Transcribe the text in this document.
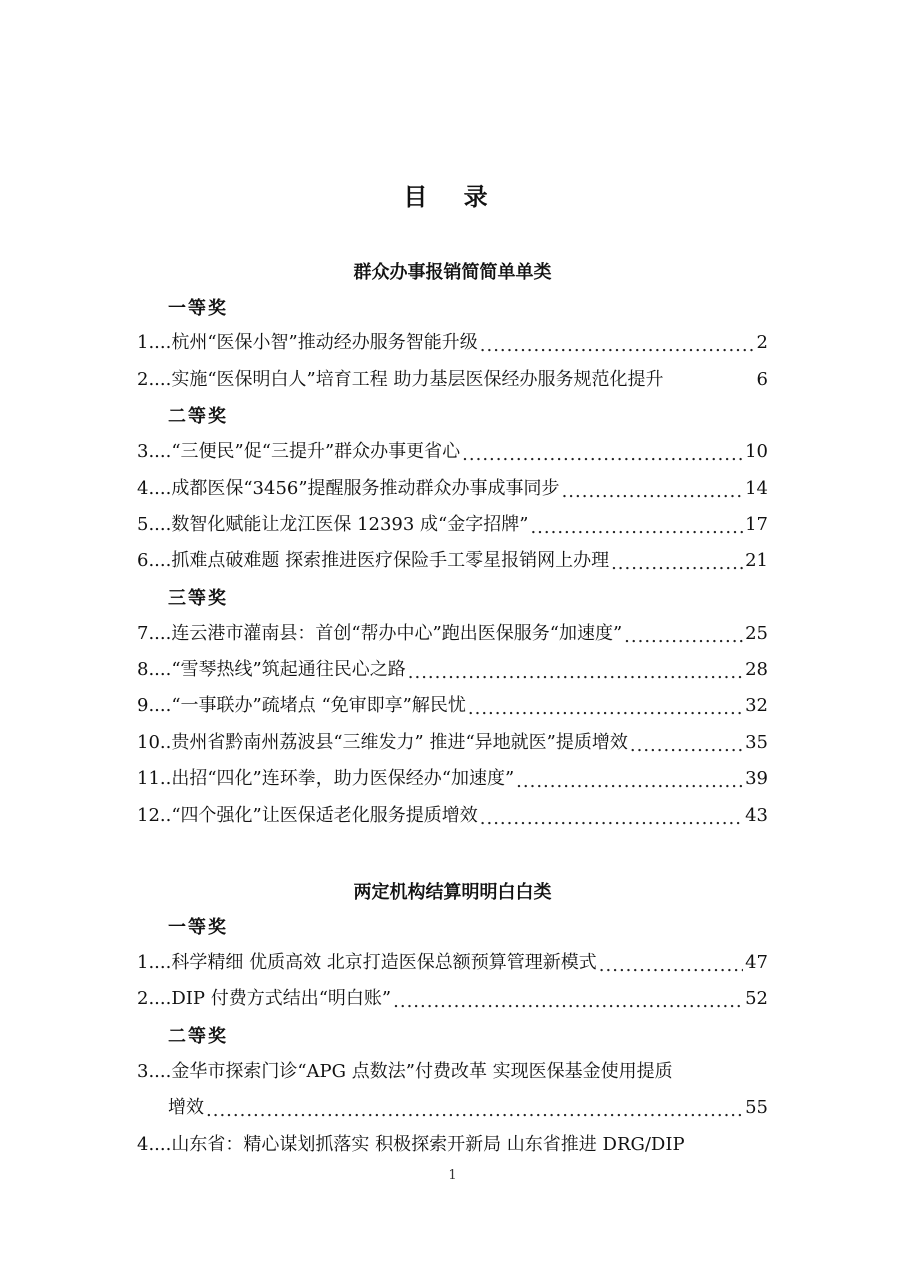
目 录
群众办事报销简简单单类
一等奖
1.... 杭州“医保小智”推动经办服务智能升级 .....	2
2.... 实施“医保明白人”培育工程 助力基层医保经办服务规范化提升	6
二等奖
3.... “三便民”促“三提升”群众办事更省心 .....	10
4.... 成都医保“3456”提醒服务推动群众办事成事同步 .....	14
5.... 数智化赋能让龙江医保 12393 成“金字招牌” .....	17
6.... 抓难点破难题 探索推进医疗保险手工零星报销网上办理 .....	21
三等奖
7.... 连云港市灌南县：首创“帮办中心”跑出医保服务“加速度” .....	25
8.... “雪琴热线”筑起通往民心之路 .....	28
9.... “一事联办”疏堵点 “免审即享”解民忧 .....	32
10.. 贵州省黔南州荔波县“三维发力” 推进“异地就医”提质增效 .....	35
11.. 出招“四化”连环拳，助力医保经办“加速度” .....	39
12.. “四个强化”让医保适老化服务提质增效 .....	43
两定机构结算明明白白类
一等奖
1.... 科学精细 优质高效 北京打造医保总额预算管理新模式 .....	47
2.... DIP 付费方式结出“明白账” .....	52
二等奖
3.... 金华市探索门诊“APG 点数法”付费改革 实现医保基金使用提质
增效 .....	55
4.... 山东省：精心谋划抓落实 积极探索开新局 山东省推进 DRG/DIP
1
